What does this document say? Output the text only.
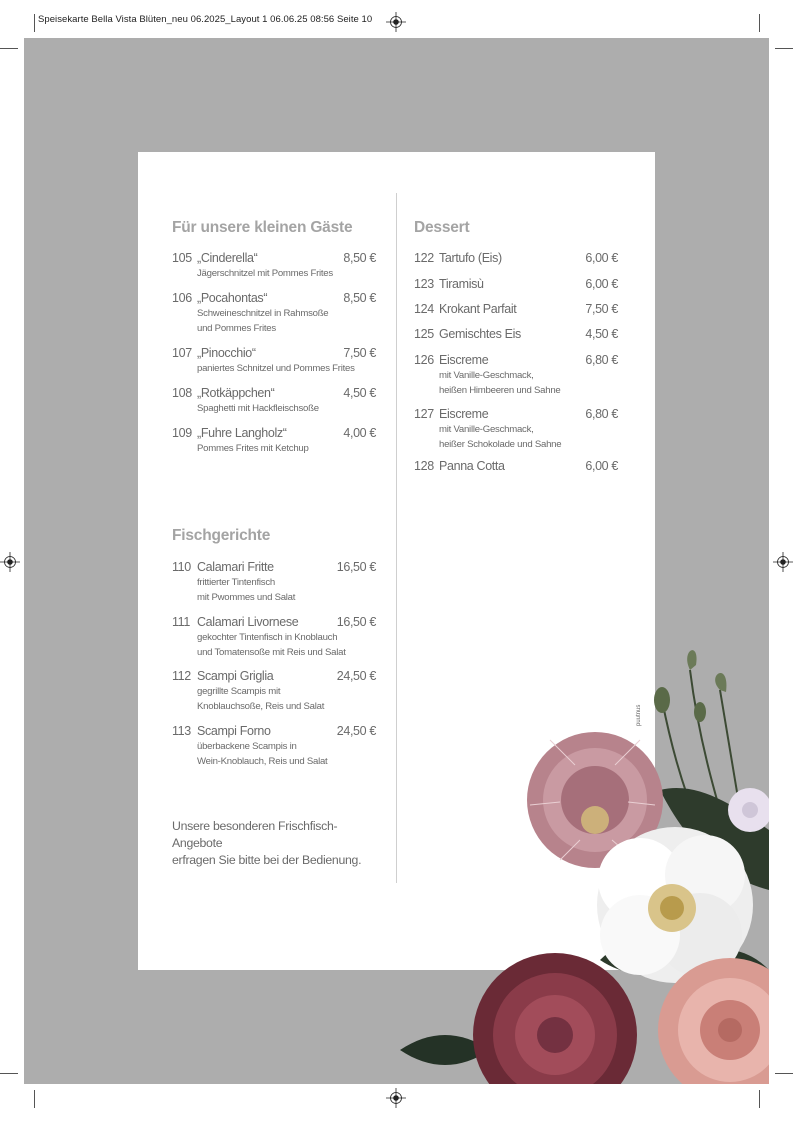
Speisekarte Bella Vista Blüten_neu 06.2025_Layout 1 06.06.25 08:56 Seite 10
puutnus
Für unsere kleinen Gäste
105 „Cinderella“	8,50 €
Jägerschnitzel mit Pommes Frites
106 „Pocahontas“	8,50 €
Schweineschnitzel in Rahmsoße
und Pommes Frites
107 „Pinocchio“	7,50 €
paniertes Schnitzel und Pommes Frites
108 „Rotkäppchen“	4,50 €
Spaghetti mit Hackfleischsoße
109 „Fuhre Langholz“	4,00 €
Pommes Frites mit Ketchup
Fischgerichte
110 Calamari Fritte	16,50 €
frittierter Tintenfisch
mit Pwommes und Salat
111 Calamari Livornese	16,50 €
gekochter Tintenfisch in Knoblauch
und Tomatensoße mit Reis und Salat
112 Scampi Griglia	24,50 €
gegrillte Scampis mit
Knoblauchsoße, Reis und Salat
113 Scampi Forno	24,50 €
überbackene Scampis in
Wein-Knoblauch, Reis und Salat
Unsere besonderen Frischfisch-Angebote
erfragen Sie bitte bei der Bedienung.
Dessert
122 Tartufo (Eis)	6,00 €
123 Tiramisù	6,00 €
124 Krokant Parfait	7,50 €
125 Gemischtes Eis	4,50 €
126 Eiscreme	6,80 €
mit Vanille-Geschmack,
heißen Himbeeren und Sahne
127 Eiscreme	6,80 €
mit Vanille-Geschmack,
heißer Schokolade und Sahne
128 Panna Cotta	6,00 €
